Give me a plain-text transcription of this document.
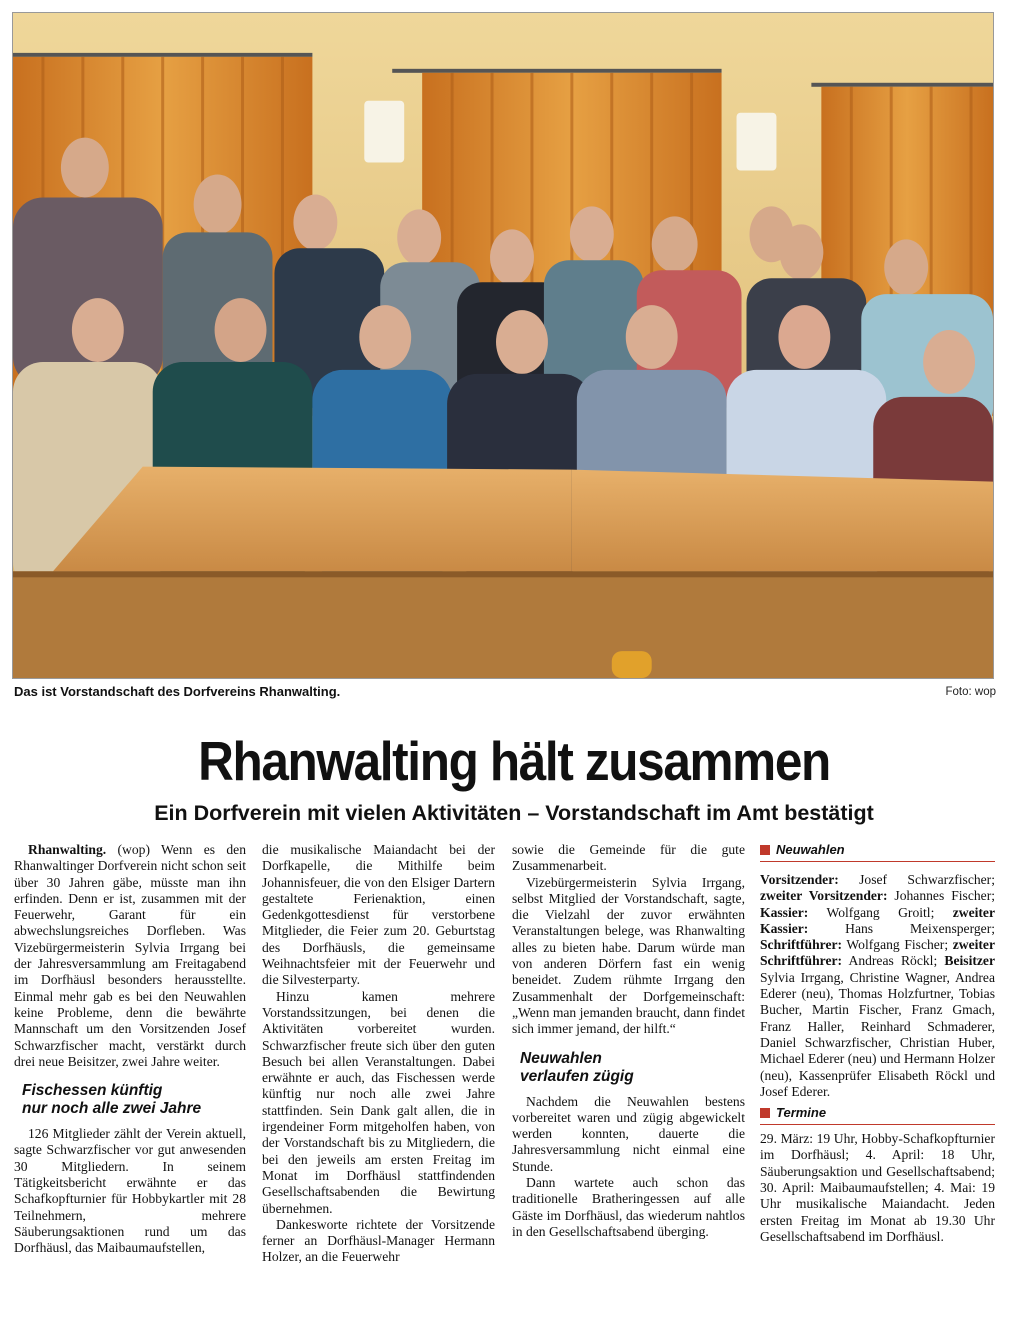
Das ist Vorstandschaft des Dorfvereins Rhanwalting.	Foto: wop
Rhanwalting hält zusammen
Ein Dorfverein mit vielen Aktivitäten – Vorstandschaft im Amt bestätigt

Rhanwalting. (wop) Wenn es den Rhanwaltinger Dorfverein nicht schon seit über 30 Jahren gäbe, müsste man ihn erfinden. Denn er ist, zusammen mit der Feuerwehr, Garant für ein abwechslungsreiches Dorfleben. Was Vizebürgermeisterin Sylvia Irrgang bei der Jahresversammlung am Freitagabend im Dorfhäusl besonders herausstellte. Einmal mehr gab es bei den Neuwahlen keine Probleme, denn die bewährte Mannschaft um den Vorsitzenden Josef Schwarzfischer macht, verstärkt durch drei neue Beisitzer, zwei Jahre weiter.

Fischessen künftig
nur noch alle zwei Jahre

126 Mitglieder zählt der Verein aktuell, sagte Schwarzfischer vor gut anwesenden 30 Mitgliedern. In seinem Tätigkeitsbericht erwähnte er das Schafkopfturnier für Hobbykartler mit 28 Teilnehmern, mehrere Säuberungsaktionen rund um das Dorfhäusl, das Maibaumaufstellen,

die musikalische Maiandacht bei der Dorfkapelle, die Mithilfe beim Johannisfeuer, die von den Elsiger Dartern gestaltete Ferienaktion, einen Gedenkgottesdienst für verstorbene Mitglieder, die Feier zum 20. Geburtstag des Dorfhäusls, die gemeinsame Weihnachtsfeier mit der Feuerwehr und die Silvesterparty.

Hinzu kamen mehrere Vorstandssitzungen, bei denen die Aktivitäten vorbereitet wurden. Schwarzfischer freute sich über den guten Besuch bei allen Veranstaltungen. Dabei erwähnte er auch, das Fischessen werde künftig nur noch alle zwei Jahre stattfinden. Sein Dank galt allen, die in irgendeiner Form mitgeholfen haben, von der Vorstandschaft bis zu Mitgliedern, die bei den jeweils am ersten Freitag im Monat im Dorfhäusl stattfindenden Gesellschaftsabenden die Bewirtung übernehmen.

Dankesworte richtete der Vorsitzende ferner an Dorfhäusl-Manager Hermann Holzer, an die Feuerwehr

sowie die Gemeinde für die gute Zusammenarbeit.

Vizebürgermeisterin Sylvia Irrgang, selbst Mitglied der Vorstandschaft, sagte, die Vielzahl der zuvor erwähnten Veranstaltungen belege, was Rhanwalting alles zu bieten habe. Darum würde man von anderen Dörfern fast ein wenig beneidet. Zudem rühmte Irrgang den Zusammenhalt der Dorfgemeinschaft: „Wenn man jemanden braucht, dann findet sich immer jemand, der hilft.“

Neuwahlen
verlaufen zügig

Nachdem die Neuwahlen bestens vorbereitet waren und zügig abgewickelt werden konnten, dauerte die Jahresversammlung nicht einmal eine Stunde.

Dann wartete auch schon das traditionelle Bratheringessen auf alle Gäste im Dorfhäusl, das wiederum nahtlos in den Gesellschaftsabend überging.

Neuwahlen

Vorsitzender: Josef Schwarzfischer; zweiter Vorsitzender: Johannes Fischer; Kassier: Wolfgang Groitl; zweiter Kassier: Hans Meixensperger; Schriftführer: Wolfgang Fischer; zweiter Schriftführer: Andreas Röckl; Beisitzer Sylvia Irrgang, Christine Wagner, Andrea Ederer (neu), Thomas Holzfurtner, Tobias Bucher, Martin Fischer, Franz Gmach, Franz Haller, Reinhard Schmaderer, Daniel Schwarzfischer, Christian Huber, Michael Ederer (neu) und Hermann Holzer (neu), Kassenprüfer Elisabeth Röckl und Josef Ederer.

Termine

29. März: 19 Uhr, Hobby-Schafkopfturnier im Dorfhäusl; 4. April: 18 Uhr, Säuberungsaktion und Gesellschaftsabend; 30. April: Maibaumaufstellen; 4. Mai: 19 Uhr musikalische Maiandacht. Jeden ersten Freitag im Monat ab 19.30 Uhr Gesellschaftsabend im Dorfhäusl.
